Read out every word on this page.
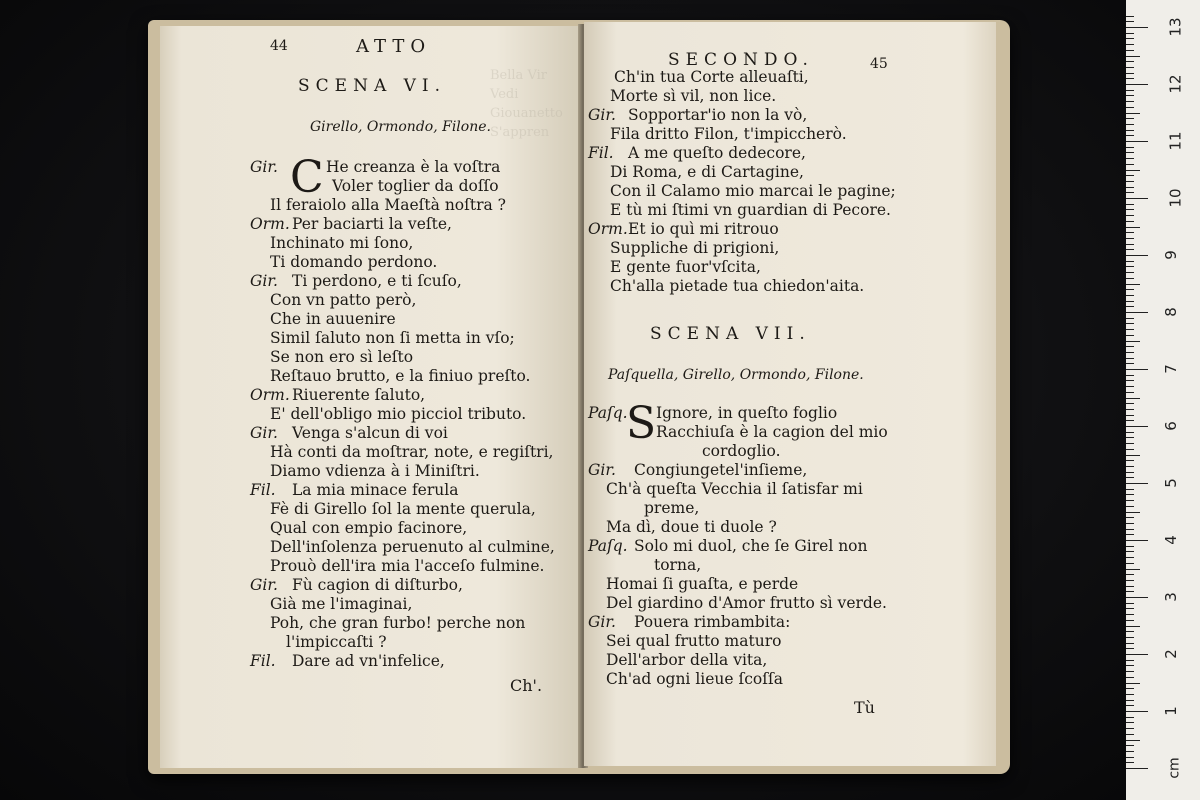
Bella Vir
Vedi
Giouanetto
S'appren
44	ATTO
SCENA VI.
Girello, Ormondo, Filone.
C
Gir.	He creanza è la voſtra
Voler toglier da doſſo
Il feraiolo alla Maeſtà noſtra ?
Orm. Per baciarti la veſte,
Inchinato mi ſono,
Ti domando perdono.
Gir. Ti perdono, e ti ſcuſo,
Con vn patto però,
Che in auuenire
Simil ſaluto non ſi metta in vſo;
Se non ero sì leſto
Reſtauo brutto, e la finiuo preſto.
Orm. Riuerente ſaluto,
E' dell'obligo mio picciol tributo.
Gir. Venga s'alcun di voi
Hà conti da moſtrar, note, e regiſtri,
Diamo vdienza à i Miniſtri.
Fil. La mia minace ferula
Fè di Girello ſol la mente querula,
Qual con empio facinore,
Dell'inſolenza peruenuto al culmine,
Prouò dell'ira mia l'acceſo fulmine.
Gir. Fù cagion di diſturbo,
Già me l'imaginai,
Poh, che gran furbo! perche non
l'impiccaſti ?
Fil. Dare ad vn'infelice,
Ch'.
SECONDO.	45
Ch'in tua Corte alleuaſti,
Morte sì vil, non lice.
Gir. Sopportar'io non la vò,
Fila dritto Filon, t'impiccherò.
Fil. A me queſto dedecore,
Di Roma, e di Cartagine,
Con il Calamo mio marcai le pagine;
E tù mi ſtimi vn guardian di Pecore.
Orm. Et io quì mi ritrouo
Suppliche di prigioni,
E gente fuor'vſcita,
Ch'alla pietade tua chiedon'aita.
SCENA VII.
Paſquella, Girello, Ormondo, Filone.
S
Paſq. Ignore, in queſto foglio
Racchiuſa è la cagion del mio
cordoglio.
Gir. Congiungetel'inſieme,
Ch'à queſta Vecchia il ſatisfar mi
preme,
Ma dì, doue ti duole ?
Paſq. Solo mi duol, che ſe Girel non
torna,
Homai ſi guaſta, e perde
Del giardino d'Amor frutto sì verde.
Gir. Pouera rimbambita:
Sei qual frutto maturo
Dell'arbor della vita,
Ch'ad ogni lieue ſcoſſa
Tù
cm
1
2
3
4
5
6
7
8
9
10
11
12
13
